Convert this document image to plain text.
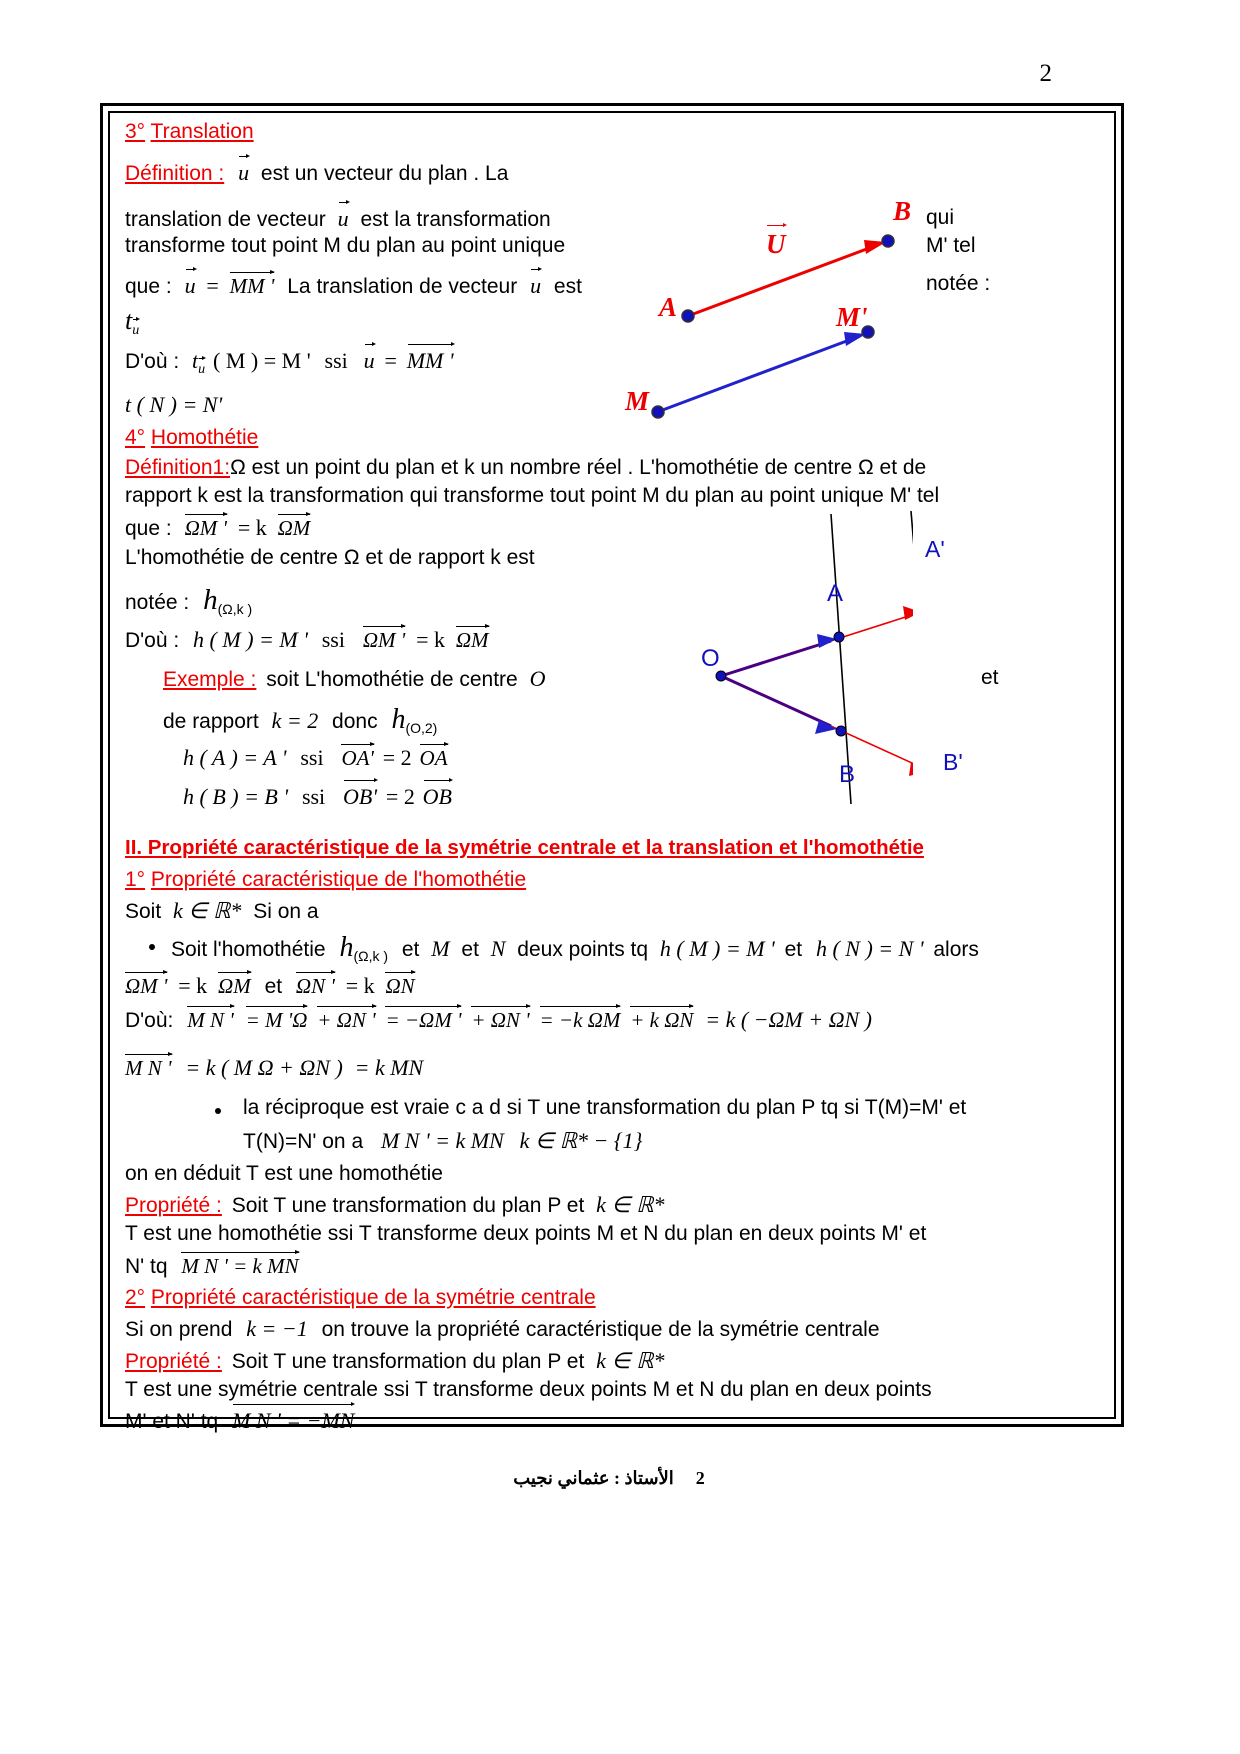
2
3° Translation
Définition : u est un vecteur du plan . La
translation de vecteur u est la transformation
transforme tout point M du plan au point unique
qui
M' tel
que : u = MM ' La translation de vecteur u est	notée :
tu
D'où : tu ( M ) = M ' ssi u = MM '
t ( N ) = N'
A
B
U
M
M'
4° Homothétie
Définition1:Ω est un point du plan et k un nombre réel . L'homothétie de centre Ω et de
rapport k est la transformation qui transforme tout point M du plan au point unique M' tel
que : ΩM ' = k ΩM
L'homothétie de centre Ω et de rapport k est
notée : $h_{(\Omega,k )}$
D'où : h ( M ) = M ' ssi ΩM ' = k ΩM
Exemple : soit L'homothétie de centre O	et
de rapport k = 2 donc $h_{(O,2)}$
h ( A ) = A ' ssi OA' = 2 OA
h ( B ) = B ' ssi OB' = 2 OB
O
A
A'
B	B'
II. Propriété caractéristique de la symétrie centrale et la translation et l'homothétie
1° Propriété caractéristique de l'homothétie
Soit k ∈ ℝ* Si on a
Soit l'homothétie $h_{(\Omega,k )}$ et M et N deux points tq h ( M ) = M ' et h ( N ) = N ' alors
ΩM ' = k ΩM et ΩN ' = k ΩN
D'où: M N ' = M 'Ω + ΩN ' = −ΩM ' + ΩN ' = −k ΩM + k ΩN = k ( −ΩM + ΩN )
M N ' = k ( M Ω + ΩN ) = k MN
la réciproque est vraie c a d si T une transformation du plan P tq si T(M)=M' et
T(N)=N' on a M N ' = k MN k ∈ ℝ* − {1}
on en déduit T est une homothétie
Propriété : Soit T une transformation du plan P et k ∈ ℝ*
T est une homothétie ssi T transforme deux points M et N du plan en deux points M' et
N' tq M N ' = k MN
2° Propriété caractéristique de la symétrie centrale
Si on prend k = −1 on trouve la propriété caractéristique de la symétrie centrale
Propriété : Soit T une transformation du plan P et k ∈ ℝ*
T est une symétrie centrale ssi T transforme deux points M et N du plan en deux points
M' et N' tq M N ' = −MN
2الأستاذ : عثماني نجيب
